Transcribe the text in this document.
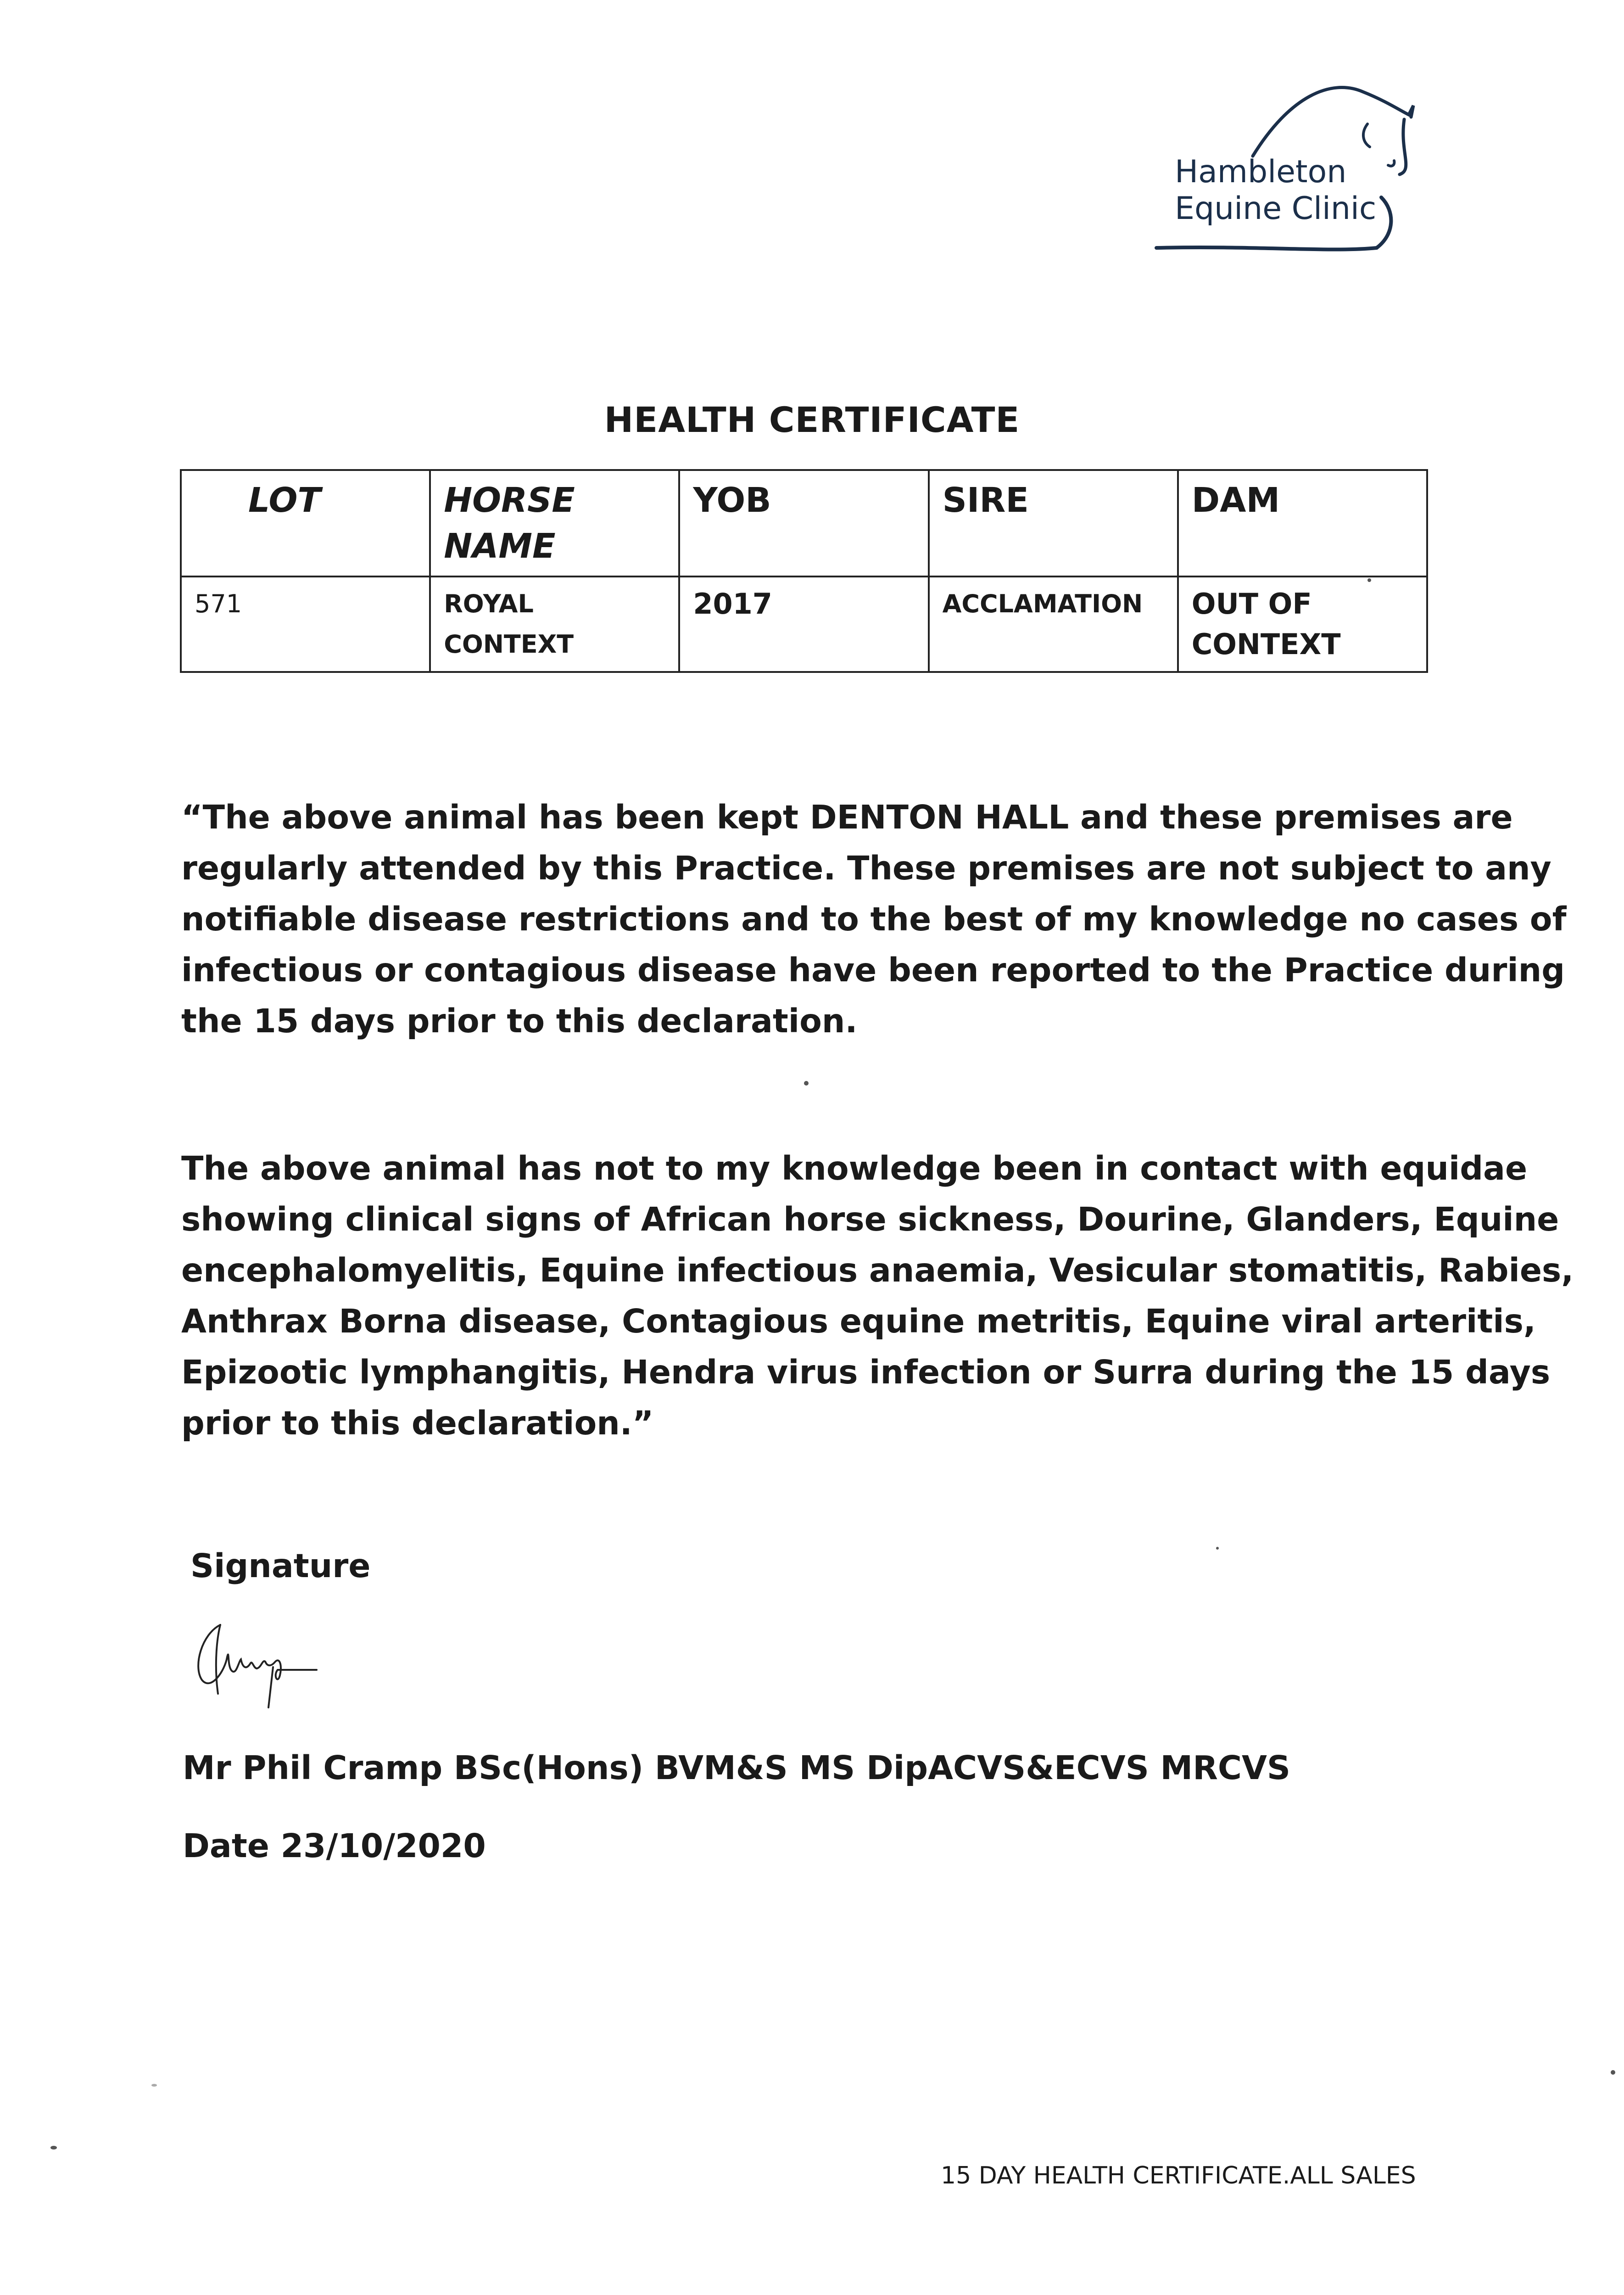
Hambleton
Equine Clinic
HEALTH CERTIFICATE
LOT	HORSE NAME	YOB	SIRE	DAM
571	ROYAL CONTEXT	2017	ACCLAMATION	OUT OF CONTEXT
“The above animal has been kept DENTON HALL and these premises are
regularly attended by this Practice. These premises are not subject to any
notifiable disease restrictions and to the best of my knowledge no cases of
infectious or contagious disease have been reported to the Practice during
the 15 days prior to this declaration.
The above animal has not to my knowledge been in contact with equidae
showing clinical signs of African horse sickness, Dourine, Glanders, Equine
encephalomyelitis, Equine infectious anaemia, Vesicular stomatitis, Rabies,
Anthrax Borna disease, Contagious equine metritis, Equine viral arteritis,
Epizootic lymphangitis, Hendra virus infection or Surra during the 15 days
prior to this declaration.”
Signature
Mr Phil Cramp BSc(Hons) BVM&S MS DipACVS&ECVS MRCVS
Date 23/10/2020
15 DAY HEALTH CERTIFICATE.ALL SALES
